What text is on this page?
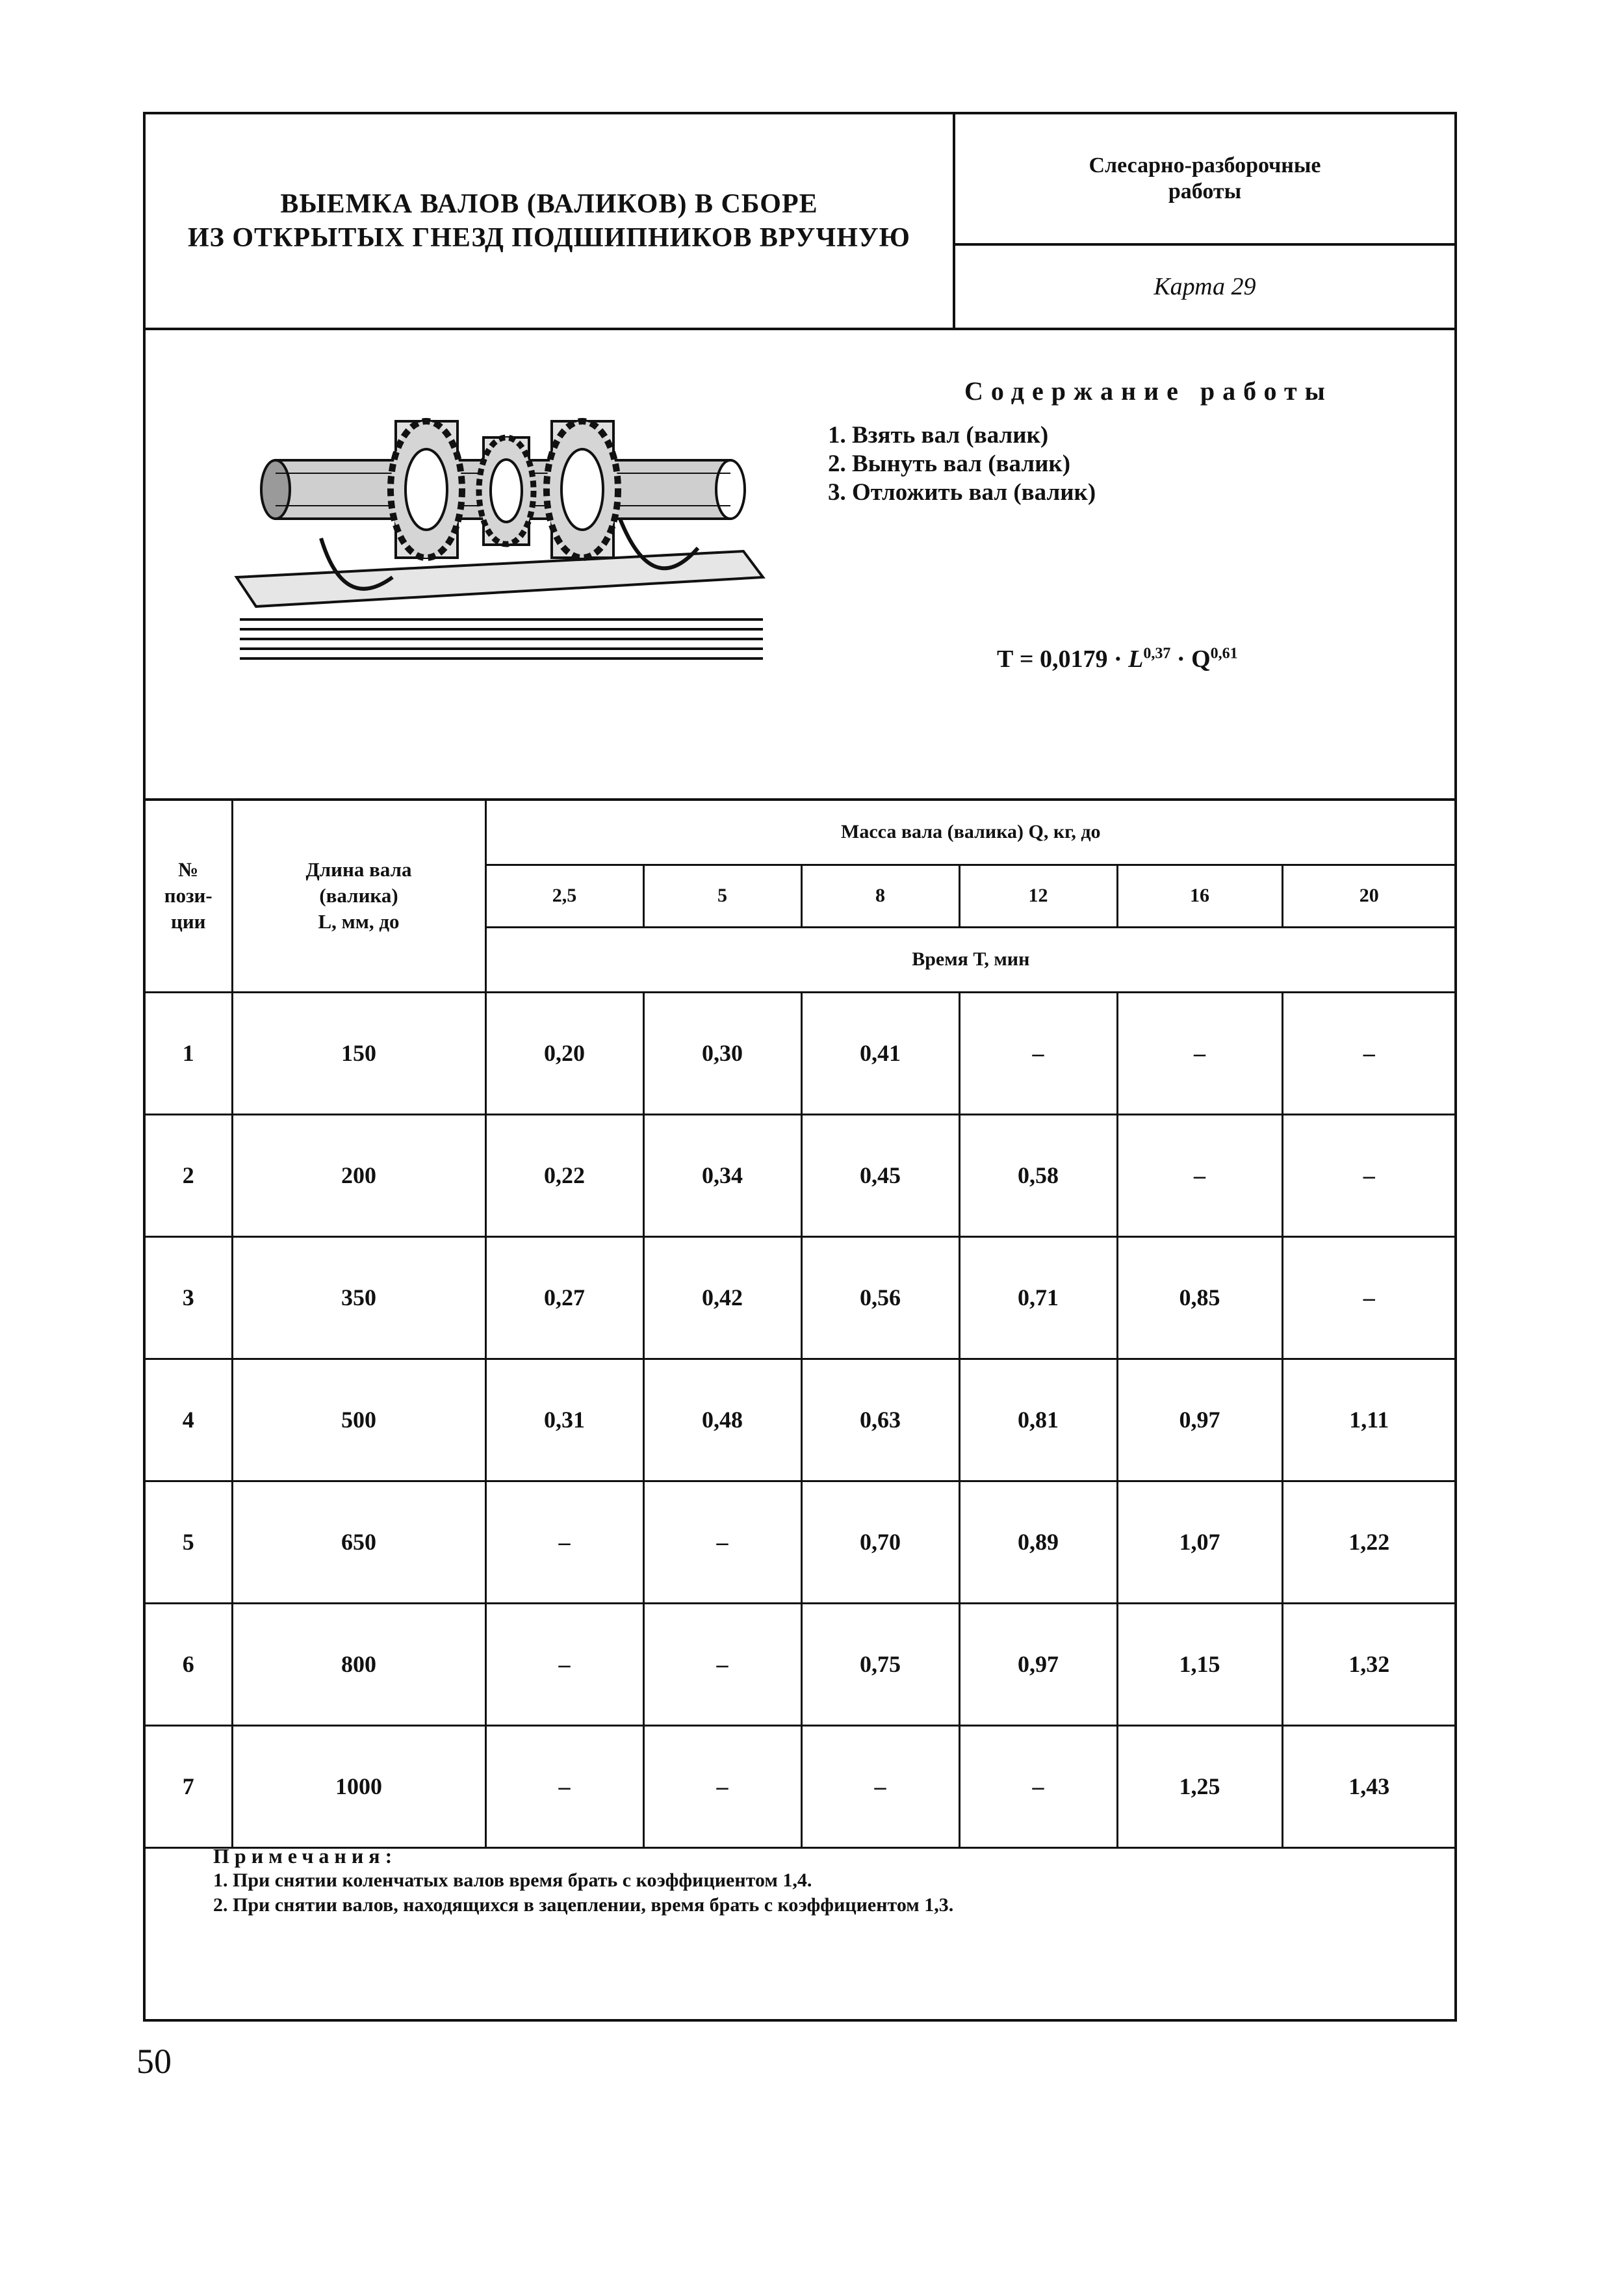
ВЫЕМКА ВАЛОВ (ВАЛИКОВ) В СБОРЕ
ИЗ ОТКРЫТЫХ ГНЕЗД ПОДШИПНИКОВ ВРУЧНУЮ
Слесарно-разборочные
работы
Карта 29
Содержание работы
1. Взять вал (валик)
2. Вынуть вал (валик)
3. Отложить вал (валик)
Т = 0,0179 · L$^{0,37}$ · Q$^{0,61}$
№
пози-
ции	Длина вала
(валика)
L, мм, до	Масса вала (валика) Q, кг, до					
		2,5	5	8	12	16	20
		Время Т, мин					
1	150	0,20	0,30	0,41	–	–	–
2	200	0,22	0,34	0,45	0,58	–	–
3	350	0,27	0,42	0,56	0,71	0,85	–
4	500	0,31	0,48	0,63	0,81	0,97	1,11
5	650	–	–	0,70	0,89	1,07	1,22
6	800	–	–	0,75	0,97	1,15	1,32
7	1000	–	–	–	–	1,25	1,43
Примечания:
1. При снятии коленчатых валов время брать с коэффициентом 1,4.
2. При снятии валов, находящихся в зацеплении, время брать с коэффициентом 1,3.
50
